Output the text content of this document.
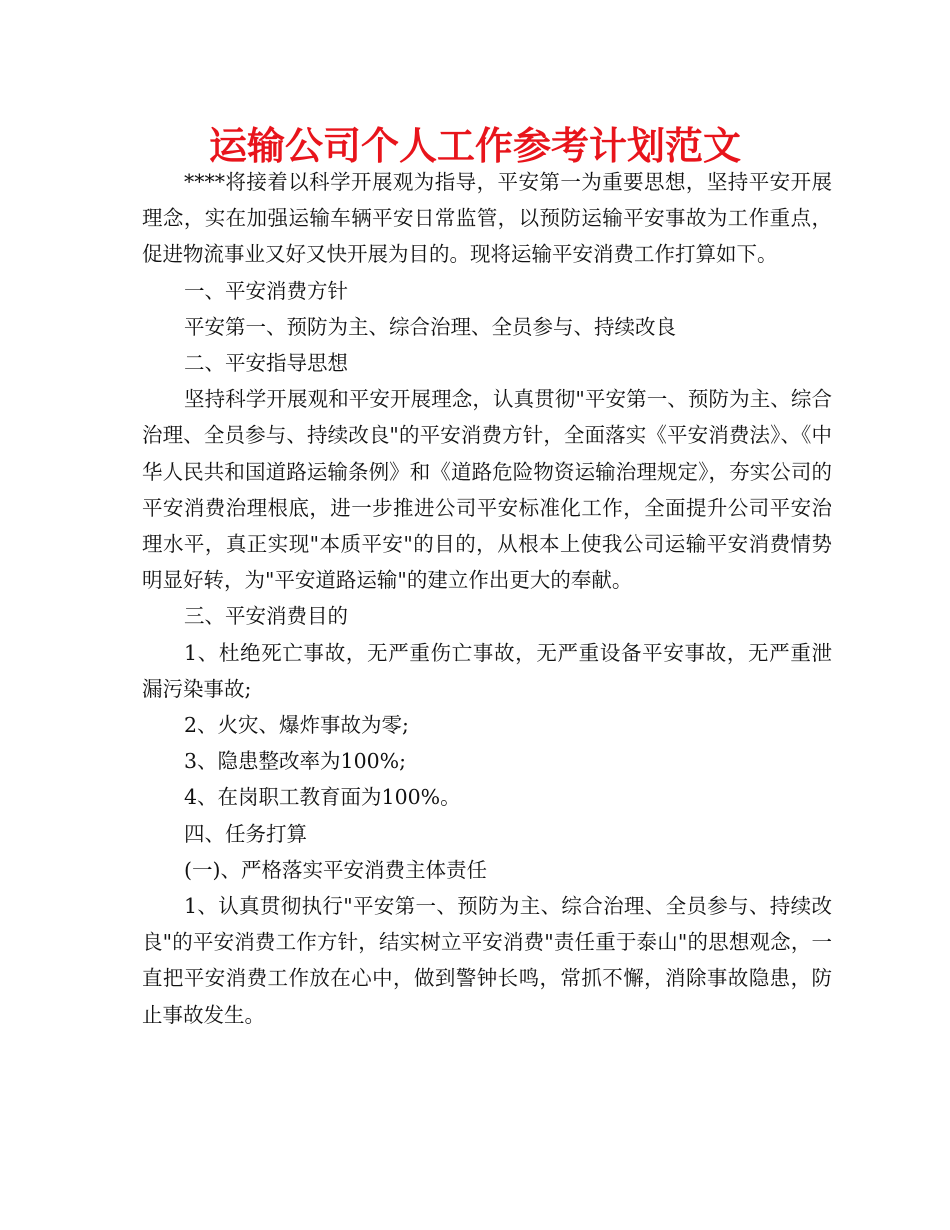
运输公司个人工作参考计划范文

****将接着以科学开展观为指导，平安第一为重要思想，坚持平安开展理念，实在加强运输车辆平安日常监管，以预防运输平安事故为工作重点，促进物流事业又好又快开展为目的。现将运输平安消费工作打算如下。

一、平安消费方针

平安第一、预防为主、综合治理、全员参与、持续改良

二、平安指导思想

坚持科学开展观和平安开展理念，认真贯彻"平安第一、预防为主、综合治理、全员参与、持续改良"的平安消费方针，全面落实《平安消费法》、《中华人民共和国道路运输条例》和《道路危险物资运输治理规定》，夯实公司的平安消费治理根底，进一步推进公司平安标准化工作，全面提升公司平安治理水平，真正实现"本质平安"的目的，从根本上使我公司运输平安消费情势明显好转，为"平安道路运输"的建立作出更大的奉献。

三、平安消费目的

1、杜绝死亡事故，无严重伤亡事故，无严重设备平安事故，无严重泄漏污染事故;

2、火灾、爆炸事故为零;

3、隐患整改率为100%;

4、在岗职工教育面为100%。

四、任务打算

(一)、严格落实平安消费主体责任

1、认真贯彻执行"平安第一、预防为主、综合治理、全员参与、持续改良"的平安消费工作方针，结实树立平安消费"责任重于泰山"的思想观念，一直把平安消费工作放在心中，做到警钟长鸣，常抓不懈，消除事故隐患，防止事故发生。
